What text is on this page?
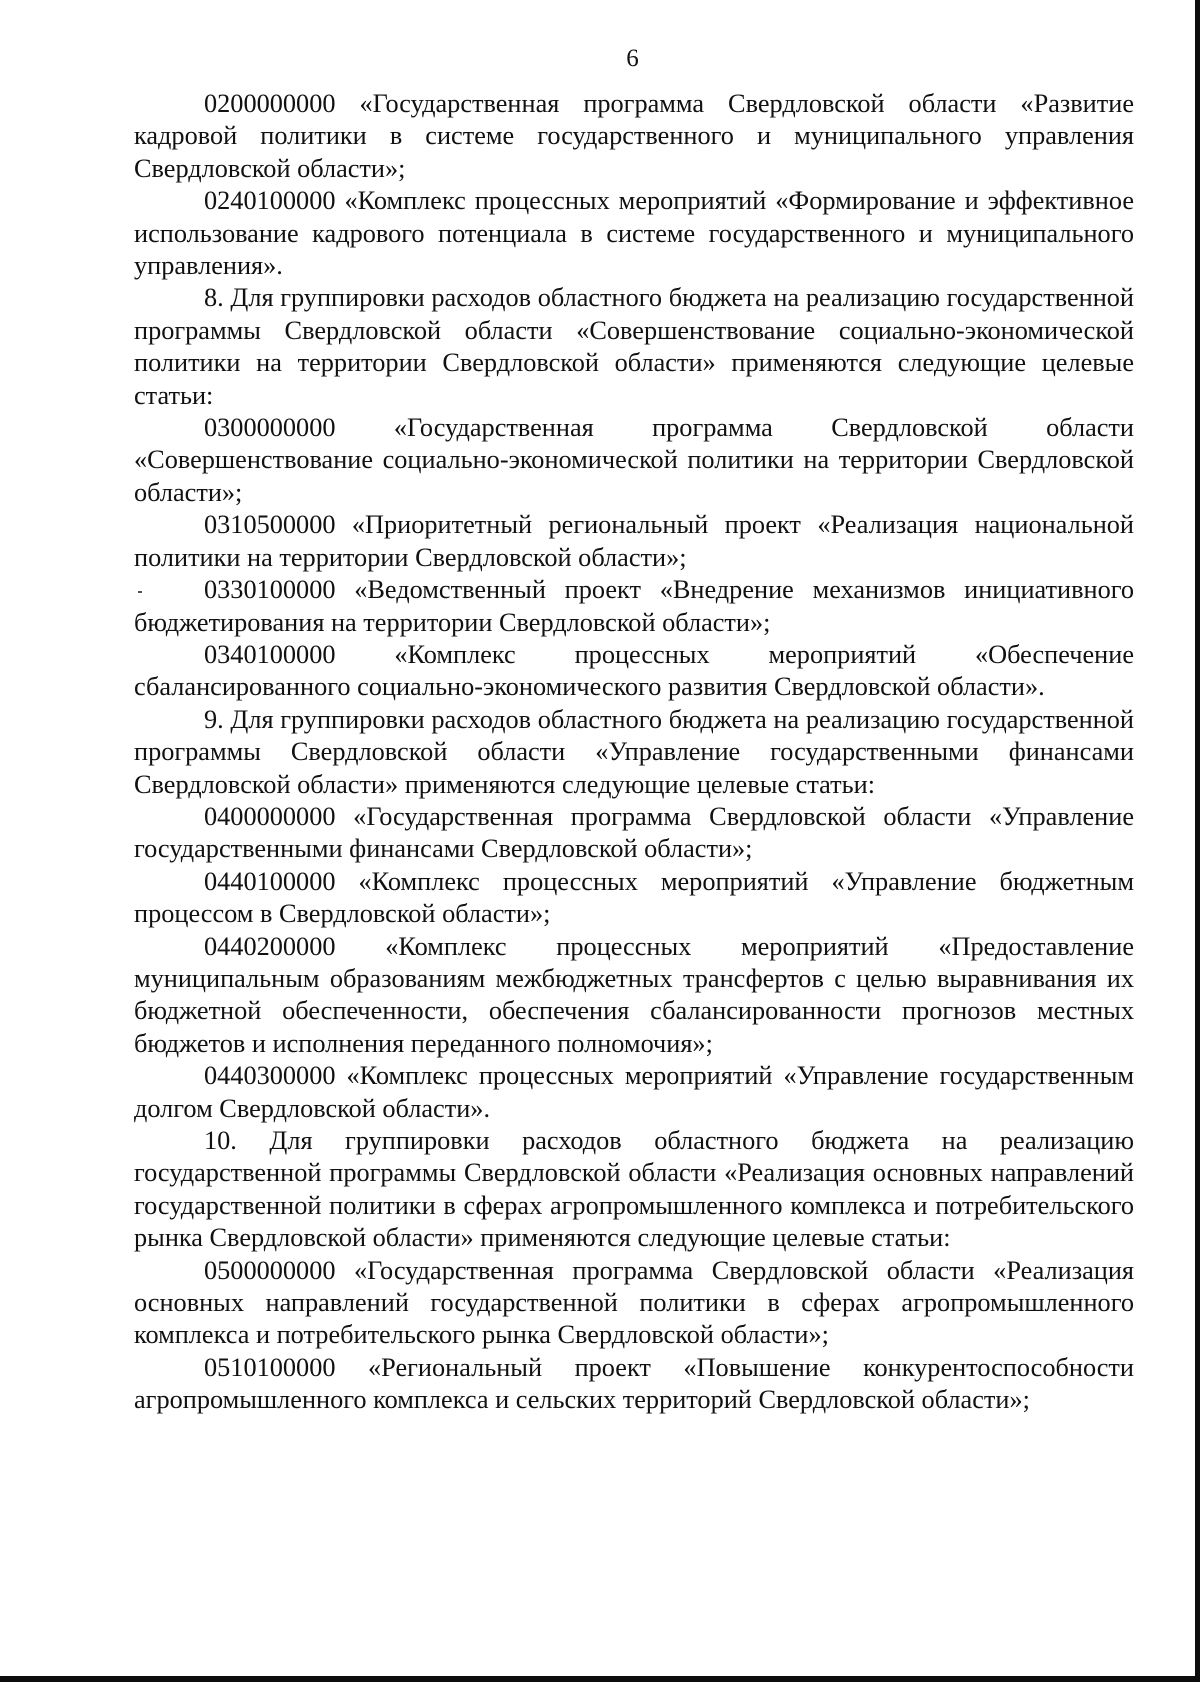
6

0200000000 «Государственная программа Свердловской области «Развитие кадровой политики в системе государственного и муниципального управления Свердловской области»;

0240100000 «Комплекс процессных мероприятий «Формирование и эффективное использование кадрового потенциала в системе государственного и муниципального управления».

8. Для группировки расходов областного бюджета на реализацию государственной программы Свердловской области «Совершенствование социально-экономической политики на территории Свердловской области» применяются следующие целевые статьи:

0300000000 «Государственная программа Свердловской области «Совершенствование социально-экономической политики на территории Свердловской области»;

0310500000 «Приоритетный региональный проект «Реализация национальной политики на территории Свердловской области»;

0330100000 «Ведомственный проект «Внедрение механизмов инициативного бюджетирования на территории Свердловской области»;

0340100000 «Комплекс процессных мероприятий «Обеспечение сбалансированного социально-экономического развития Свердловской области».

9. Для группировки расходов областного бюджета на реализацию государственной программы Свердловской области «Управление государственными финансами Свердловской области» применяются следующие целевые статьи:

0400000000 «Государственная программа Свердловской области «Управление государственными финансами Свердловской области»;

0440100000 «Комплекс процессных мероприятий «Управление бюджетным процессом в Свердловской области»;

0440200000 «Комплекс процессных мероприятий «Предоставление муниципальным образованиям межбюджетных трансфертов с целью выравнивания их бюджетной обеспеченности, обеспечения сбалансированности прогнозов местных бюджетов и исполнения переданного полномочия»;

0440300000 «Комплекс процессных мероприятий «Управление государственным долгом Свердловской области».

10. Для группировки расходов областного бюджета на реализацию государственной программы Свердловской области «Реализация основных направлений государственной политики в сферах агропромышленного комплекса и потребительского рынка Свердловской области» применяются следующие целевые статьи:

0500000000 «Государственная программа Свердловской области «Реализация основных направлений государственной политики в сферах агропромышленного комплекса и потребительского рынка Свердловской области»;

0510100000 «Региональный проект «Повышение конкурентоспособности агропромышленного комплекса и сельских территорий Свердловской области»;
